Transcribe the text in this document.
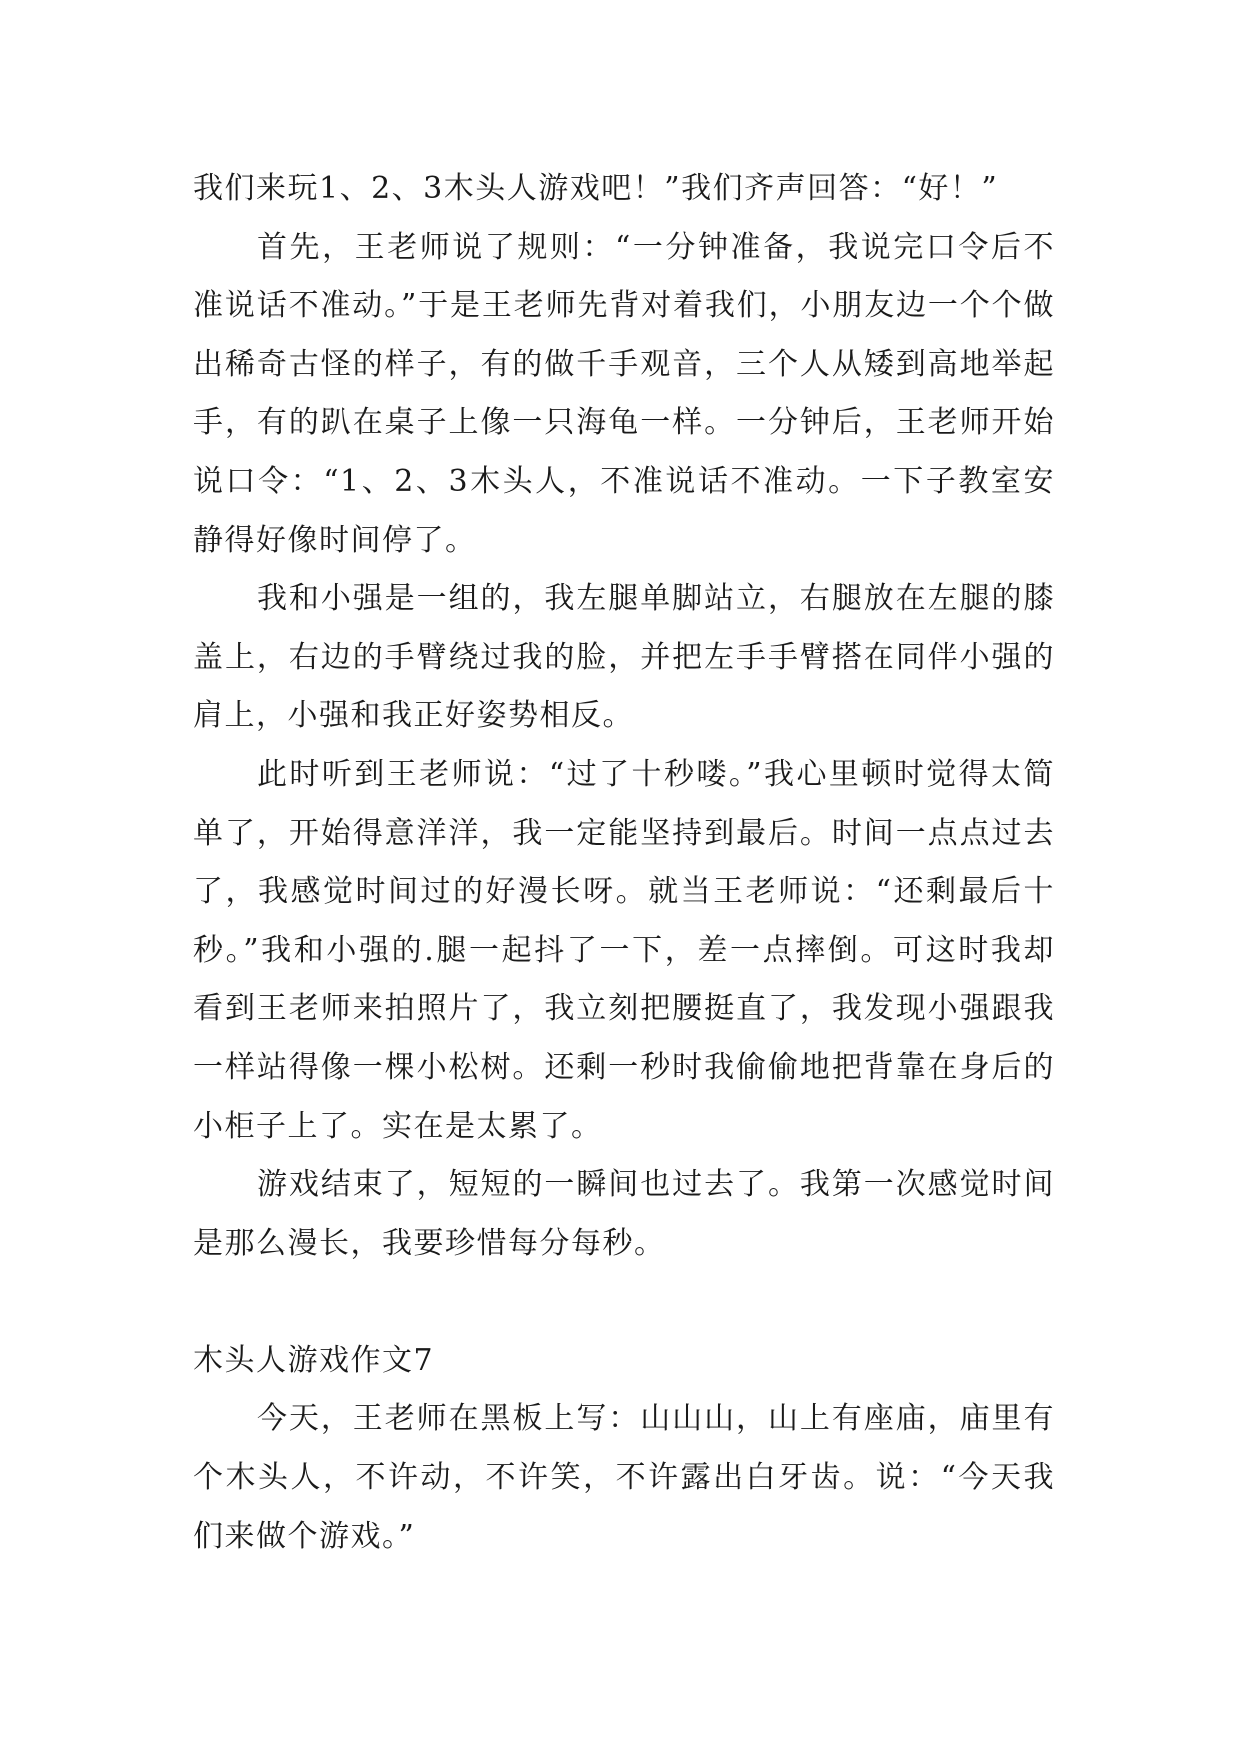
我们来玩1、2、3木头人游戏吧！”我们齐声回答：“好！”

首先，王老师说了规则：“一分钟准备，我说完口令后不准说话不准动。”于是王老师先背对着我们，小朋友边一个个做出稀奇古怪的样子，有的做千手观音，三个人从矮到高地举起手，有的趴在桌子上像一只海龟一样。一分钟后，王老师开始说口令：“1、2、3木头人，不准说话不准动。一下子教室安静得好像时间停了。

我和小强是一组的，我左腿单脚站立，右腿放在左腿的膝盖上，右边的手臂绕过我的脸，并把左手手臂搭在同伴小强的肩上，小强和我正好姿势相反。

此时听到王老师说：“过了十秒喽。”我心里顿时觉得太简单了，开始得意洋洋，我一定能坚持到最后。时间一点点过去了，我感觉时间过的好漫长呀。就当王老师说：“还剩最后十秒。”我和小强的.腿一起抖了一下，差一点摔倒。可这时我却看到王老师来拍照片了，我立刻把腰挺直了，我发现小强跟我一样站得像一棵小松树。还剩一秒时我偷偷地把背靠在身后的小柜子上了。实在是太累了。

游戏结束了，短短的一瞬间也过去了。我第一次感觉时间是那么漫长，我要珍惜每分每秒。

木头人游戏作文7

今天，王老师在黑板上写：山山山，山上有座庙，庙里有个木头人，不许动，不许笑，不许露出白牙齿。说：“今天我们来做个游戏。”
